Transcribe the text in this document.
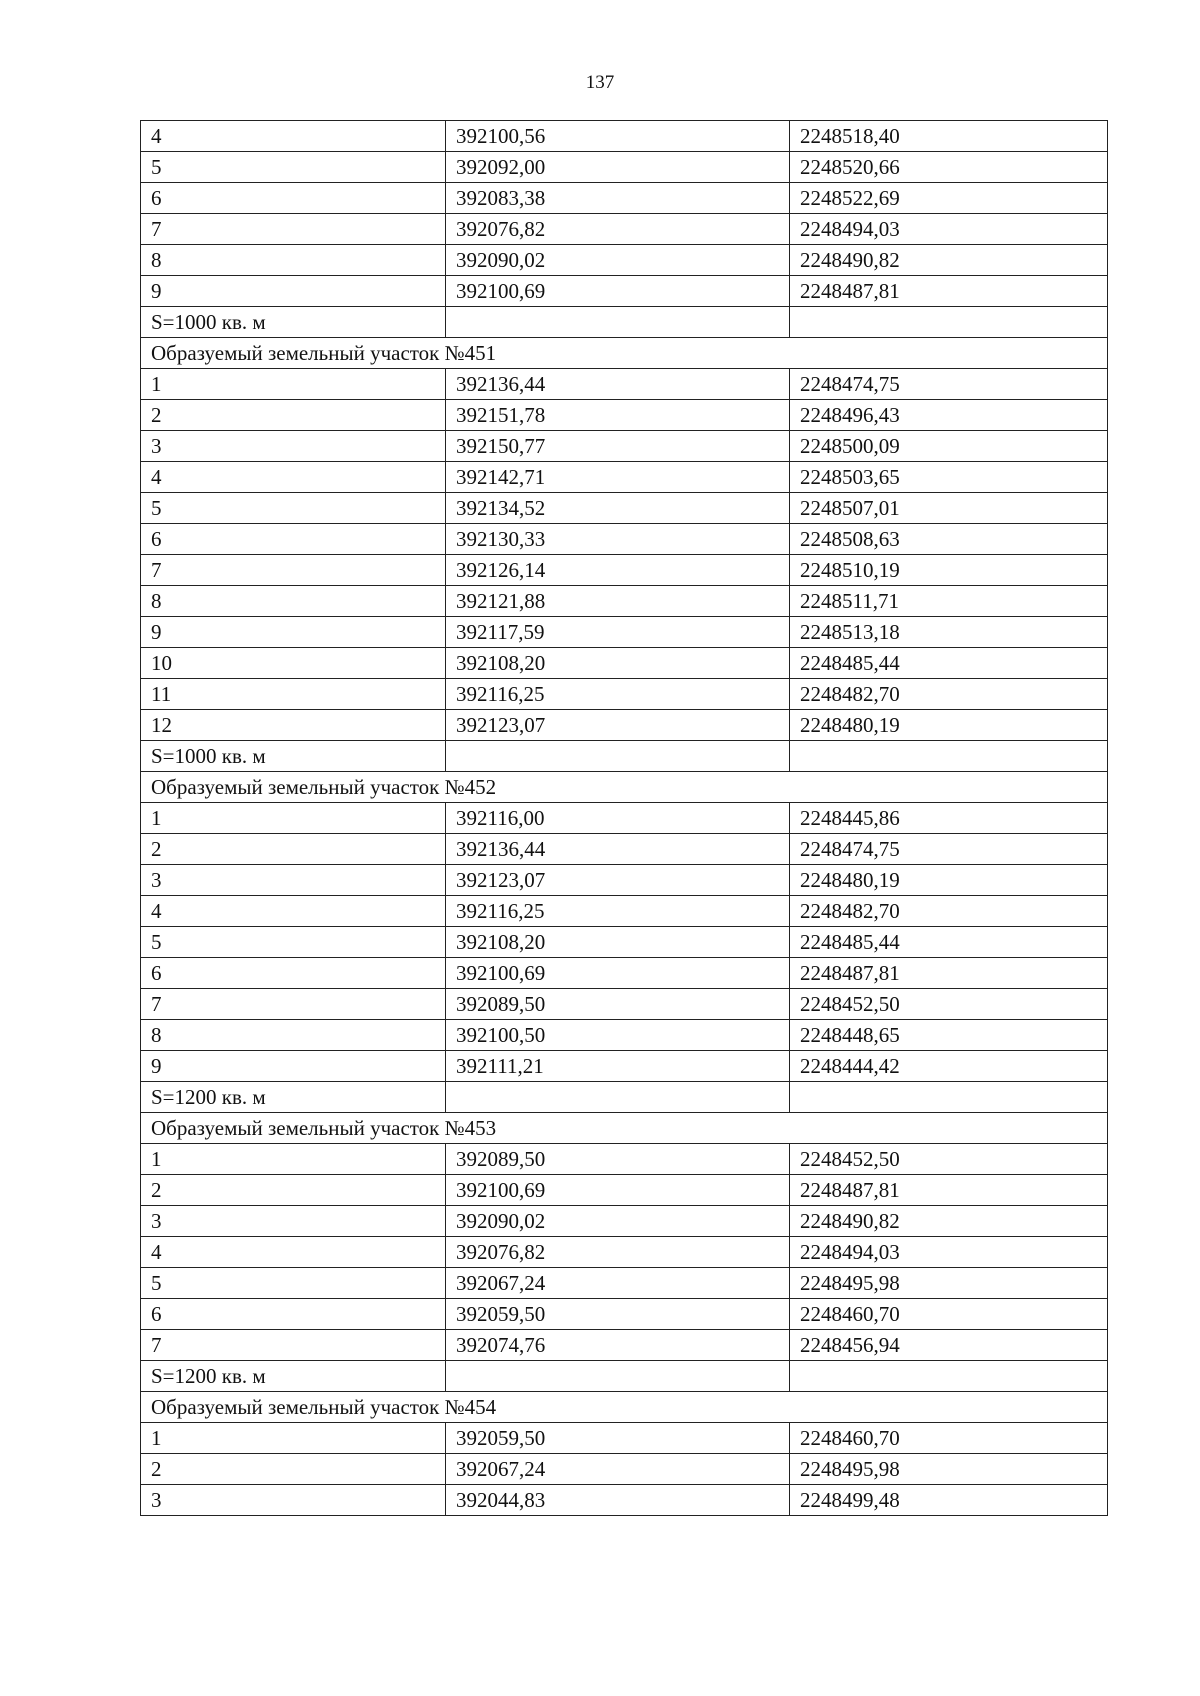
137
4	392100,56	2248518,40
5	392092,00	2248520,66
6	392083,38	2248522,69
7	392076,82	2248494,03
8	392090,02	2248490,82
9	392100,69	2248487,81
S=1000 кв. м		
Образуемый земельный участок №451		
1	392136,44	2248474,75
2	392151,78	2248496,43
3	392150,77	2248500,09
4	392142,71	2248503,65
5	392134,52	2248507,01
6	392130,33	2248508,63
7	392126,14	2248510,19
8	392121,88	2248511,71
9	392117,59	2248513,18
10	392108,20	2248485,44
11	392116,25	2248482,70
12	392123,07	2248480,19
S=1000 кв. м		
Образуемый земельный участок №452		
1	392116,00	2248445,86
2	392136,44	2248474,75
3	392123,07	2248480,19
4	392116,25	2248482,70
5	392108,20	2248485,44
6	392100,69	2248487,81
7	392089,50	2248452,50
8	392100,50	2248448,65
9	392111,21	2248444,42
S=1200 кв. м		
Образуемый земельный участок №453		
1	392089,50	2248452,50
2	392100,69	2248487,81
3	392090,02	2248490,82
4	392076,82	2248494,03
5	392067,24	2248495,98
6	392059,50	2248460,70
7	392074,76	2248456,94
S=1200 кв. м		
Образуемый земельный участок №454		
1	392059,50	2248460,70
2	392067,24	2248495,98
3	392044,83	2248499,48
